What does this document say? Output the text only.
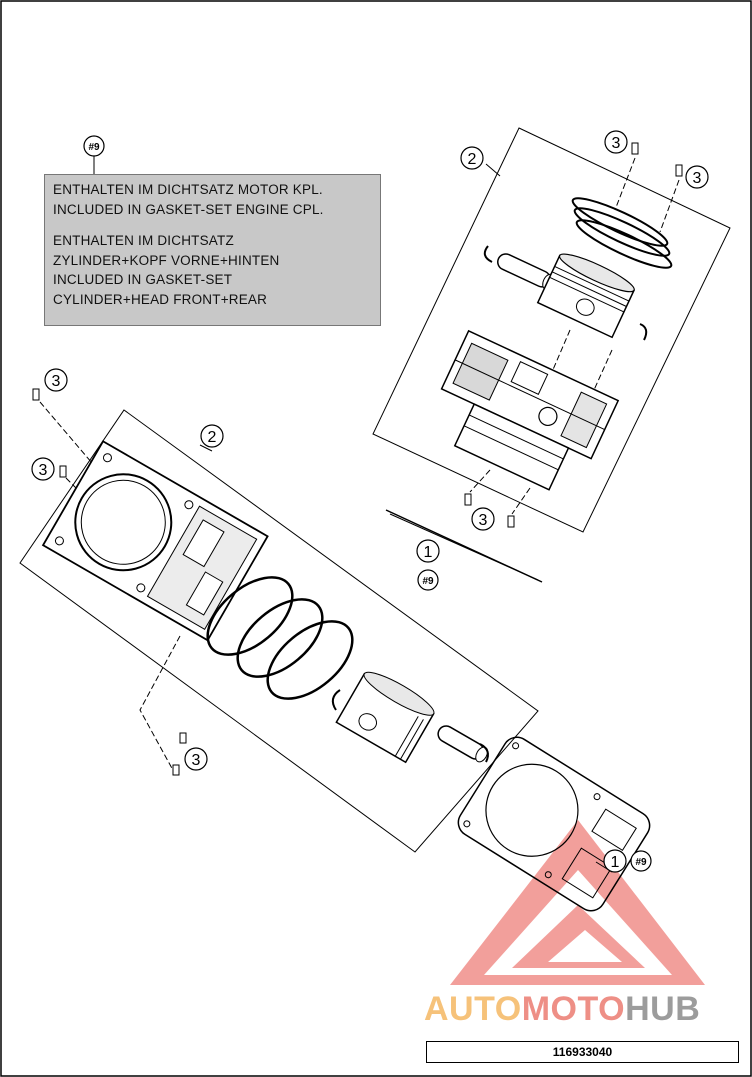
#9
2
3
3
3
1
#9
3
3
2
3
1 #9
ENTHALTEN IM DICHTSATZ MOTOR KPL.
INCLUDED IN GASKET-SET ENGINE CPL.
ENTHALTEN IM DICHTSATZ
ZYLINDER+KOPF VORNE+HINTEN
INCLUDED IN GASKET-SET
CYLINDER+HEAD FRONT+REAR
AUTOMOTOHUB
116933040
